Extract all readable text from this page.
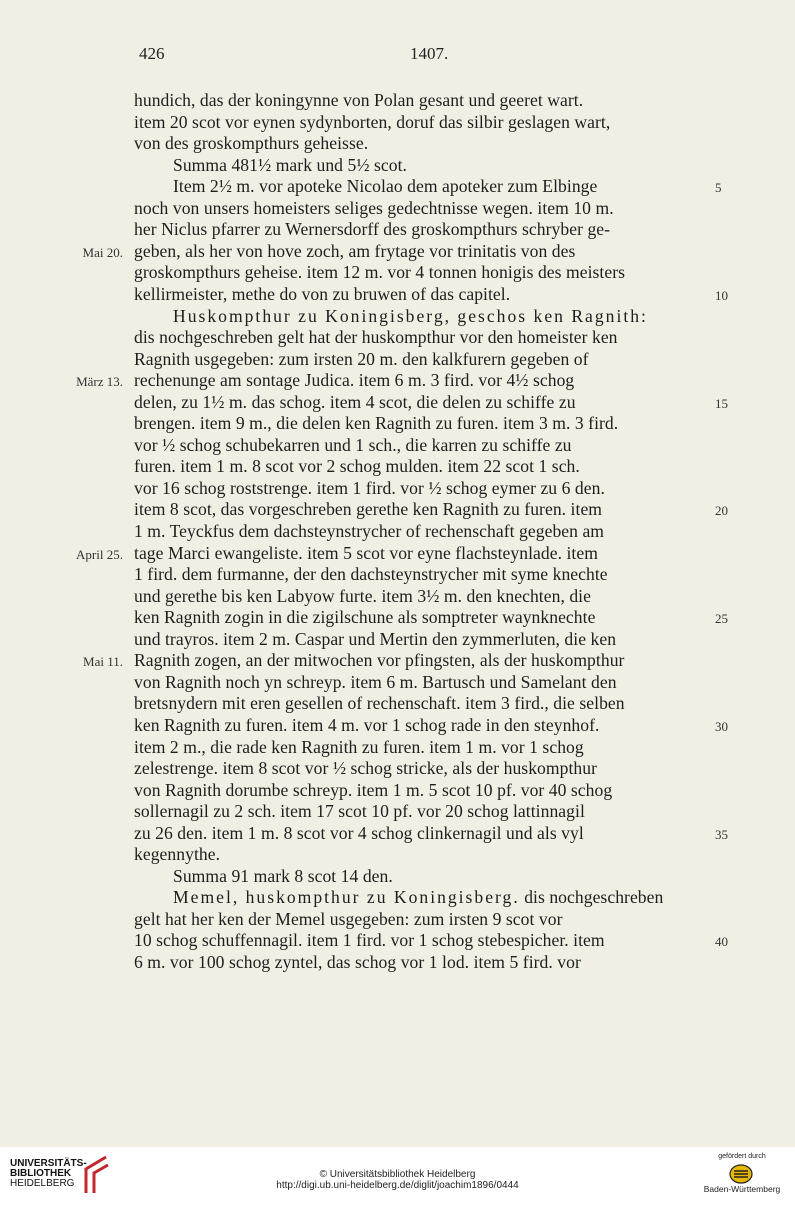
426	1407.
hundich, das der koningynne von Polan gesant und geeret wart.
item 20 scot vor eynen sydynborten, doruf das silbir geslagen wart,
von des groskompthurs geheisse.
Summa 481½ mark und 5½ scot.
Item 2½ m. vor apoteke Nicolao dem apoteker zum Elbinge	5
noch von unsers homeisters seliges gedechtnisse wegen. item 10 m.
her Niclus pfarrer zu Wernersdorff des groskompthurs schryber ge-
geben, als her von hove zoch, am frytage vor trinitatis von des
Mai 20.
groskompthurs geheise. item 12 m. vor 4 tonnen honigis des meisters
kellirmeister, methe do von zu bruwen of das capitel.	10
Huskompthur zu Koningisberg, geschos ken Ragnith:
dis nochgeschreben gelt hat der huskompthur vor den homeister ken
Ragnith usgegeben: zum irsten 20 m. den kalkfurern gegeben of
rechenunge am sontage Judica. item 6 m. 3 fird. vor 4½ schog
März 13.
delen, zu 1½ m. das schog. item 4 scot, die delen zu schiffe zu	15
brengen. item 9 m., die delen ken Ragnith zu furen. item 3 m. 3 fird.
vor ½ schog schubekarren und 1 sch., die karren zu schiffe zu
furen. item 1 m. 8 scot vor 2 schog mulden. item 22 scot 1 sch.
vor 16 schog roststrenge. item 1 fird. vor ½ schog eymer zu 6 den.
item 8 scot, das vorgeschreben gerethe ken Ragnith zu furen. item	20
1 m. Teyckfus dem dachsteynstrycher of rechenschaft gegeben am
tage Marci ewangeliste. item 5 scot vor eyne flachsteynlade. item
April 25.
1 fird. dem furmanne, der den dachsteynstrycher mit syme knechte
und gerethe bis ken Labyow furte. item 3½ m. den knechten, die
ken Ragnith zogin in die zigilschune als somptreter waynknechte	25
und trayros. item 2 m. Caspar und Mertin den zymmerluten, die ken
Ragnith zogen, an der mitwochen vor pfingsten, als der huskompthur
Mai 11.
von Ragnith noch yn schreyp. item 6 m. Bartusch und Samelant den
bretsnydern mit eren gesellen of rechenschaft. item 3 fird., die selben
ken Ragnith zu furen. item 4 m. vor 1 schog rade in den steynhof.	30
item 2 m., die rade ken Ragnith zu furen. item 1 m. vor 1 schog
zelestrenge. item 8 scot vor ½ schog stricke, als der huskompthur
von Ragnith dorumbe schreyp. item 1 m. 5 scot 10 pf. vor 40 schog
sollernagil zu 2 sch. item 17 scot 10 pf. vor 20 schog lattinnagil
zu 26 den. item 1 m. 8 scot vor 4 schog clinkernagil und als vyl	35
kegennythe.
Summa 91 mark 8 scot 14 den.
Memel, huskompthur zu Koningisberg. dis nochgeschreben
gelt hat her ken der Memel usgegeben: zum irsten 9 scot vor
10 schog schuffennagil. item 1 fird. vor 1 schog stebespicher. item	40
6 m. vor 100 schog zyntel, das schog vor 1 lod. item 5 fird. vor
UNIVERSITÄTS-
BIBLIOTHEK
HEIDELBERG
© Universitätsbibliothek Heidelberg
http://digi.ub.uni-heidelberg.de/diglit/joachim1896/0444
gefördert durch
Baden-Württemberg
